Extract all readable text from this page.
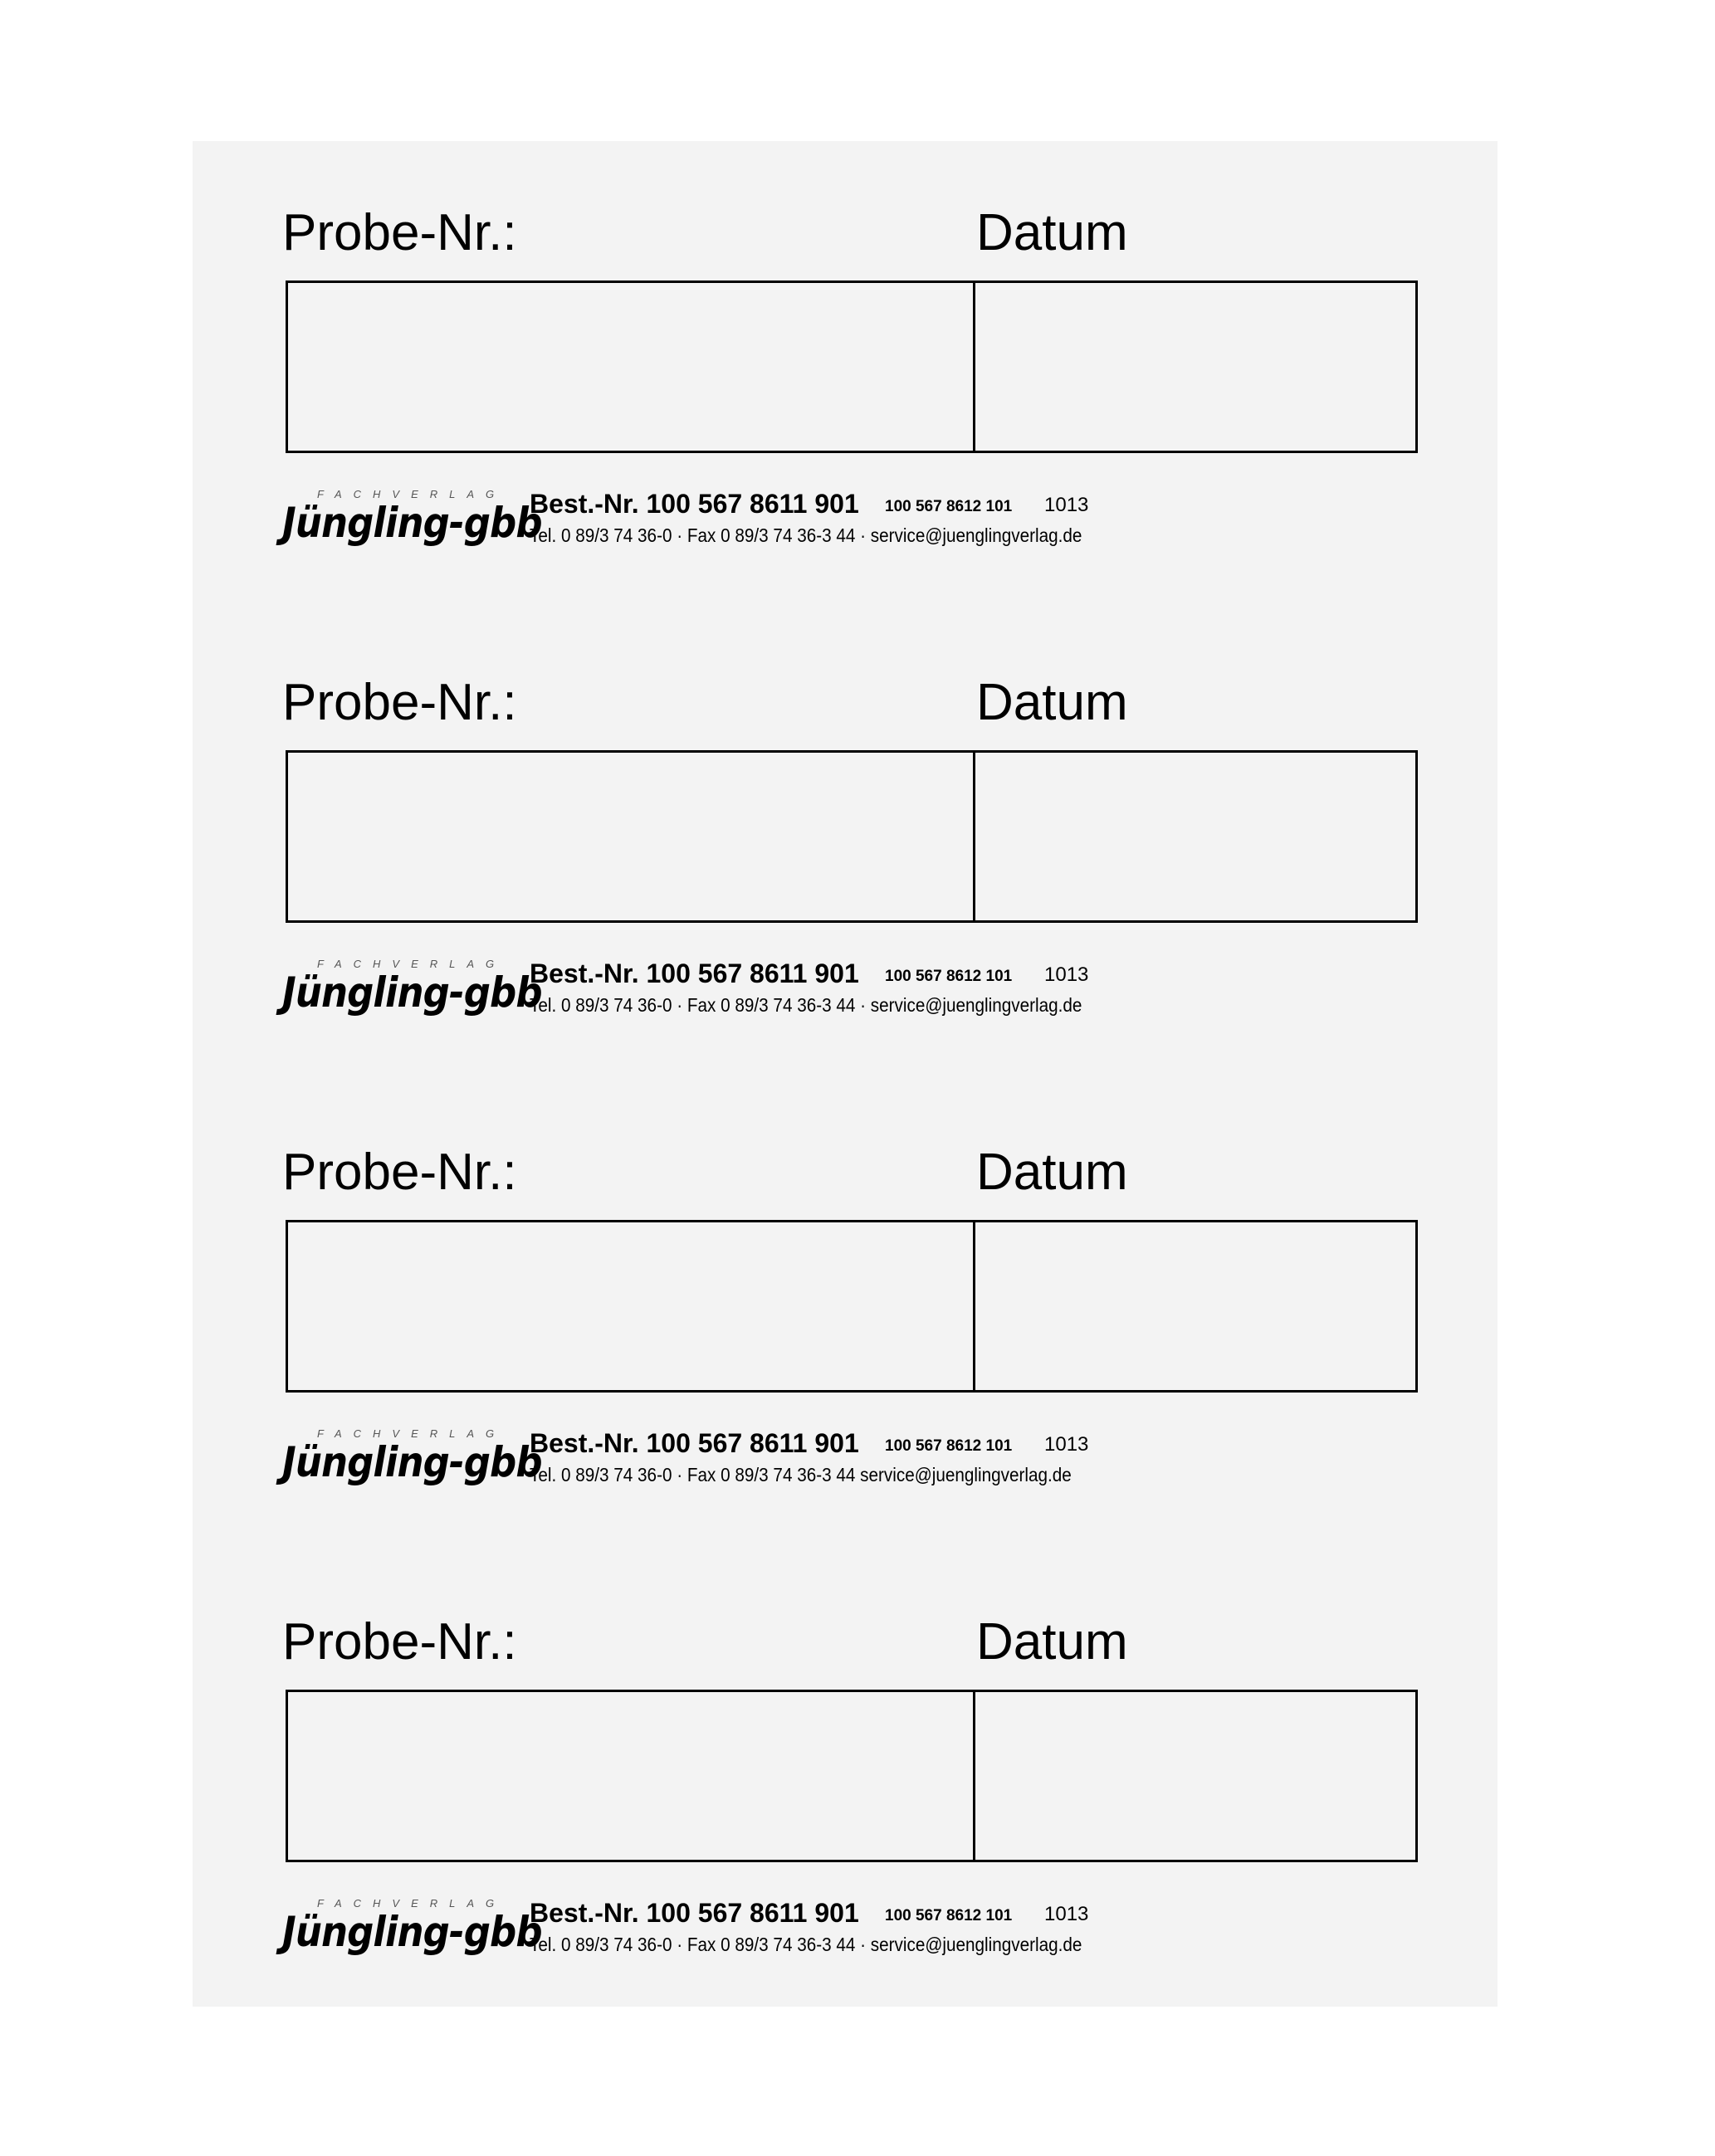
Probe-Nr.:	Datum
FACHVERLAG
Jüngling-gbb
Best.-Nr. 100 567 8611 901 100 567 8612 101 1013
Tel. 0 89/3 74 36-0 · Fax 0 89/3 74 36-3 44 · service@juenglingverlag.de
Probe-Nr.:	Datum
FACHVERLAG
Jüngling-gbb
Best.-Nr. 100 567 8611 901 100 567 8612 101 1013
Tel. 0 89/3 74 36-0 · Fax 0 89/3 74 36-3 44 · service@juenglingverlag.de
Probe-Nr.:	Datum
FACHVERLAG
Jüngling-gbb
Best.-Nr. 100 567 8611 901 100 567 8612 101 1013
Tel. 0 89/3 74 36-0 · Fax 0 89/3 74 36-3 44 service@juenglingverlag.de
Probe-Nr.:	Datum
FACHVERLAG
Jüngling-gbb
Best.-Nr. 100 567 8611 901 100 567 8612 101 1013
Tel. 0 89/3 74 36-0 · Fax 0 89/3 74 36-3 44 · service@juenglingverlag.de
